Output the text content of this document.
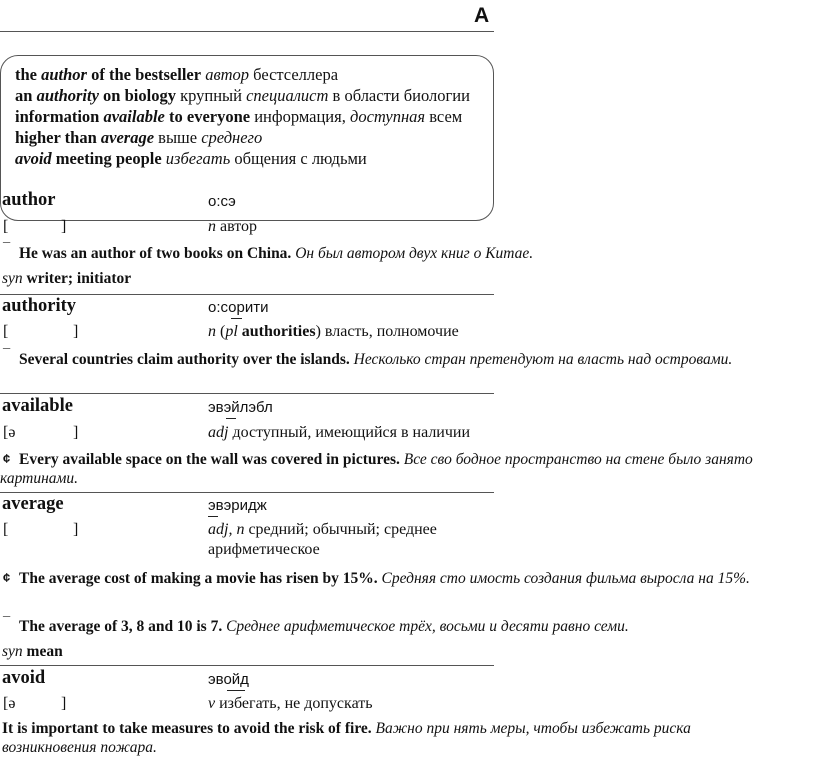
A
the author of the bestseller автор бестселлера
an authority on biology крупный специалист в области биологии
information available to everyone информация, доступная всем
higher than average выше среднего
avoid meeting people избегать общения с людьми
author	о:сэ
[	]	n автор
¯ He was an author of two books on China. Он был автором двух книг о Китае.
syn writer; initiator
authority	о:сорити
[	]	n (pl authorities) власть, полномочие
¯ Several countries claim authority over the islands. Несколько стран претендуют на власть над островами.
available	эвэйлэбл
[ə	]	adj доступный, имеющийся в наличии
¢ Every available space on the wall was covered in pictures. Все сво бодное пространство на стене было занято картинами.
average	эвэридж
[	]	adj, n средний; обычный; среднее
арифметическое
¢ The average cost of making a movie has risen by 15%. Средняя сто имость создания фильма выросла на 15%.
¯ The average of 3, 8 and 10 is 7. Среднее арифметическое трёх, восьми и десяти равно семи.
syn mean
avoid	эвойд
[ə	]	v избегать, не допускать
It is important to take measures to avoid the risk of fire. Важно при нять меры, чтобы избежать риска возникновения пожара.
